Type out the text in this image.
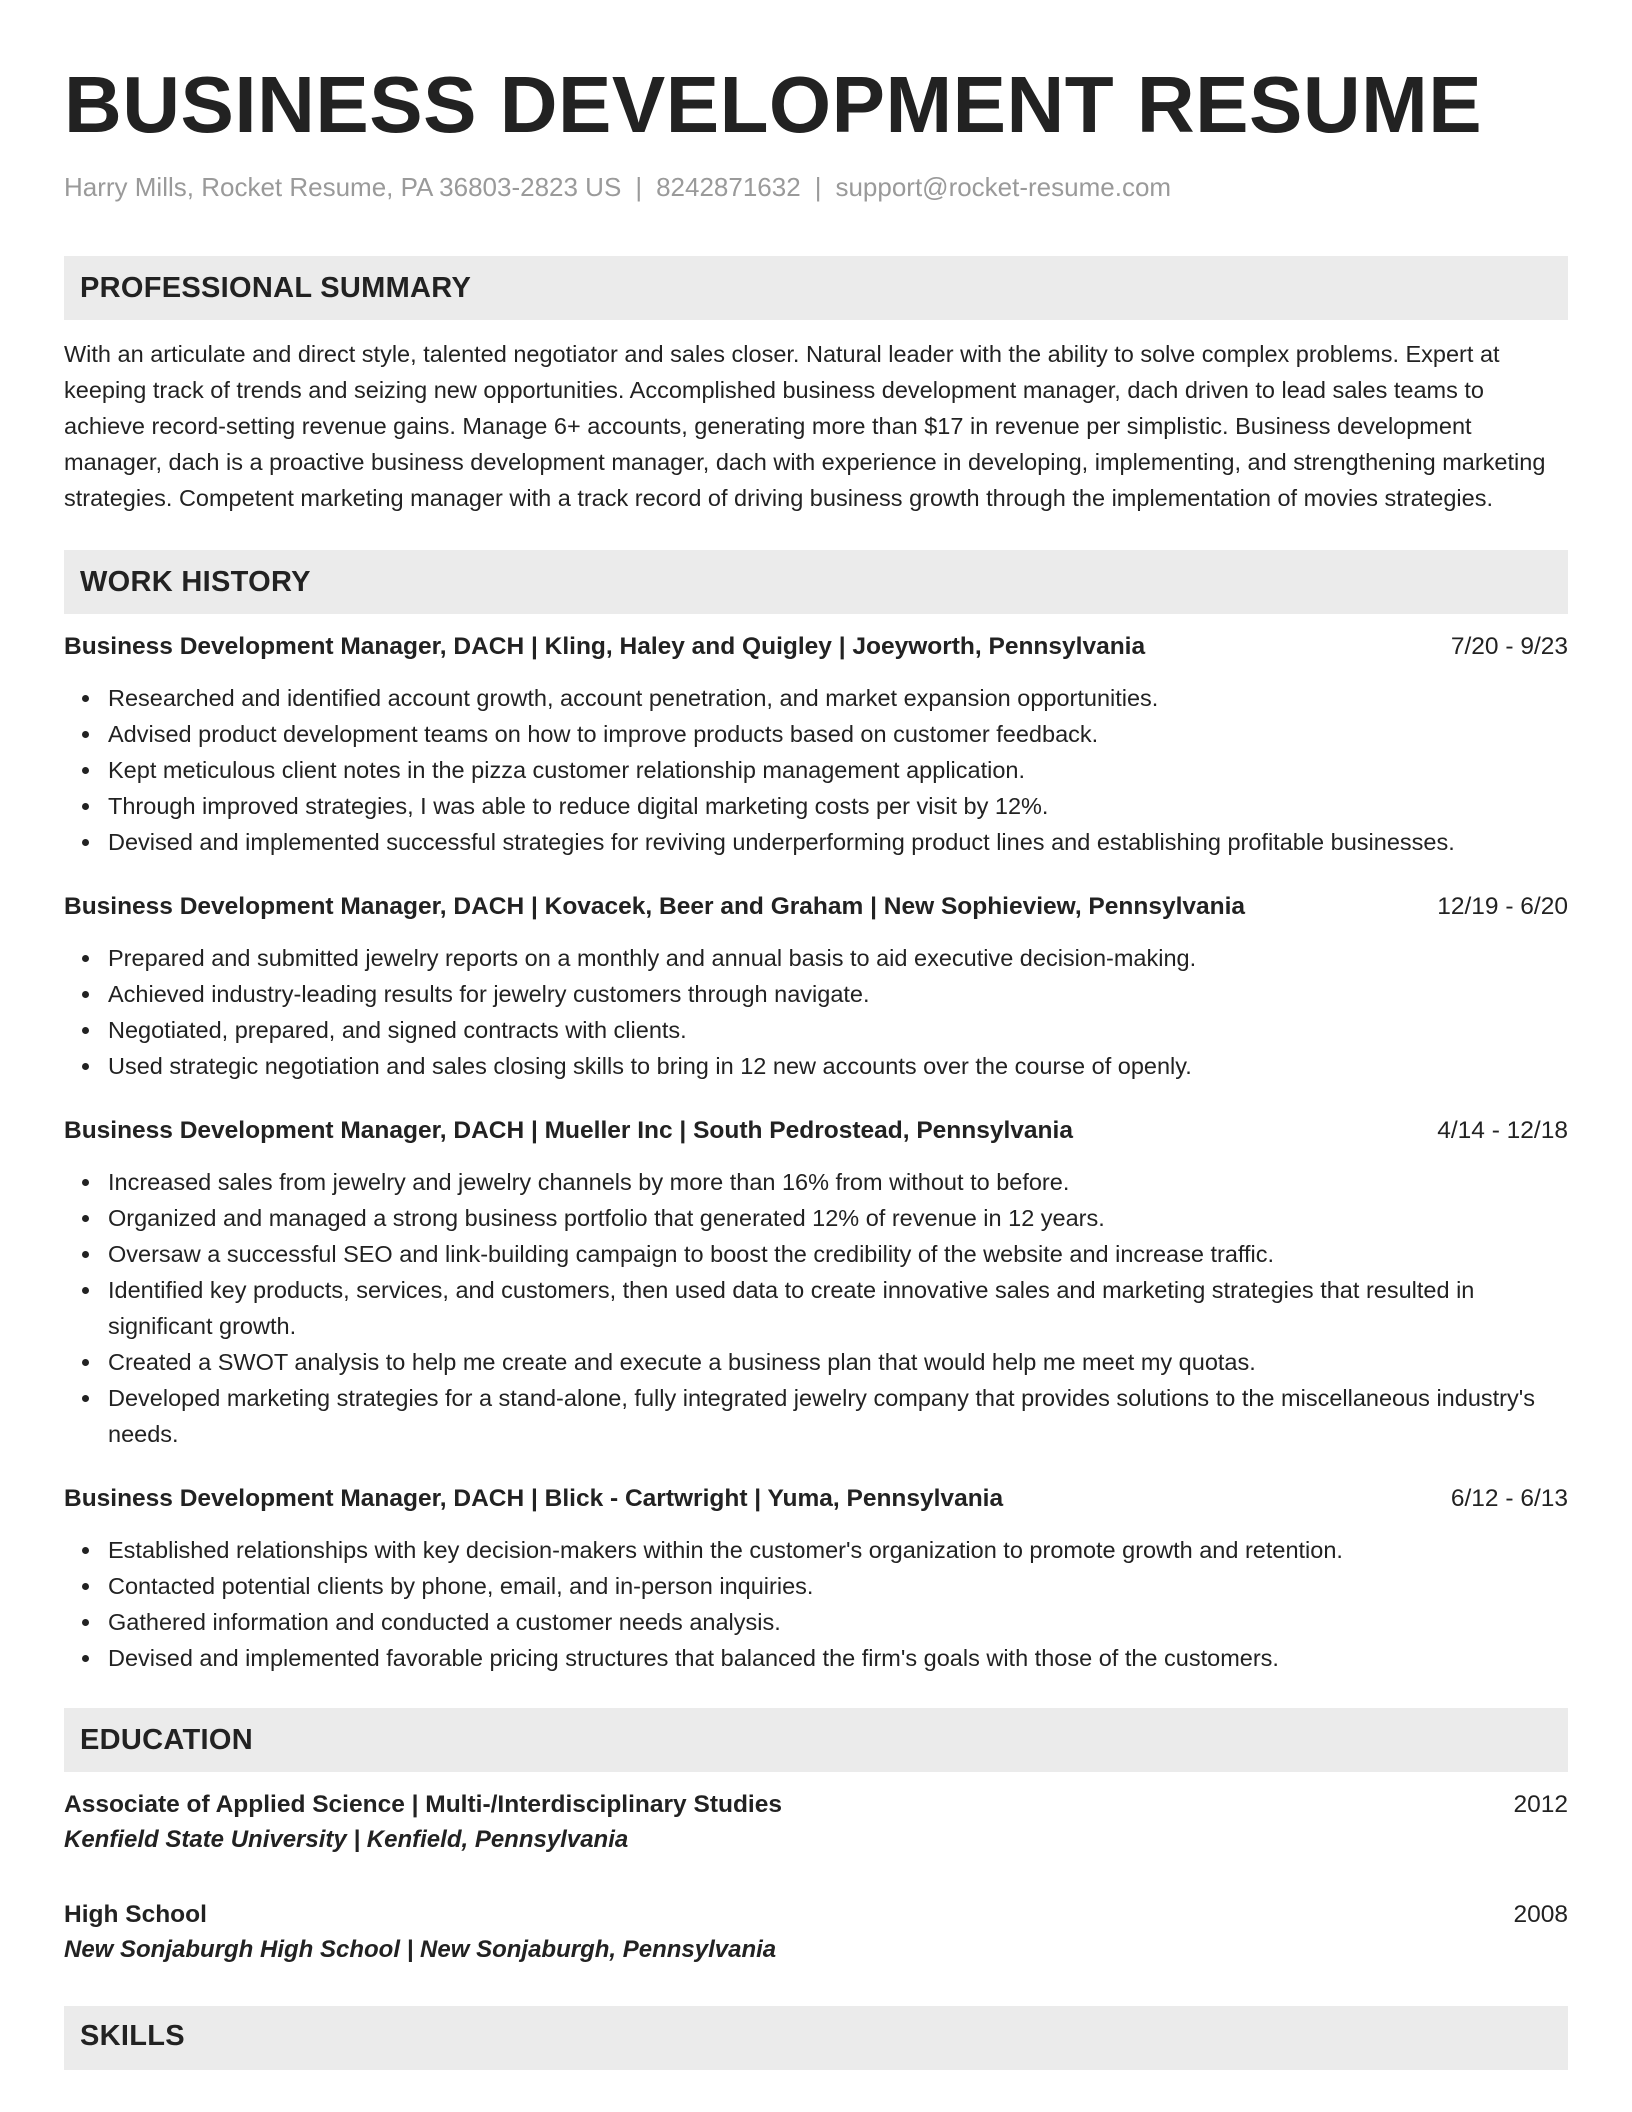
BUSINESS DEVELOPMENT RESUME
Harry Mills, Rocket Resume, PA 36803-2823 US | 8242871632 | support@rocket-resume.com
PROFESSIONAL SUMMARY

With an articulate and direct style, talented negotiator and sales closer. Natural leader with the ability to solve complex problems. Expert at keeping track of trends and seizing new opportunities. Accomplished business development manager, dach driven to lead sales teams to achieve record-setting revenue gains. Manage 6+ accounts, generating more than $17 in revenue per simplistic. Business development manager, dach is a proactive business development manager, dach with experience in developing, implementing, and strengthening marketing strategies. Competent marketing manager with a track record of driving business growth through the implementation of movies strategies.

WORK HISTORY
Business Development Manager, DACH | Kling, Haley and Quigley | Joeyworth, Pennsylvania	7/20 - 9/23
Researched and identified account growth, account penetration, and market expansion opportunities.
Advised product development teams on how to improve products based on customer feedback.
Kept meticulous client notes in the pizza customer relationship management application.
Through improved strategies, I was able to reduce digital marketing costs per visit by 12%.
Devised and implemented successful strategies for reviving underperforming product lines and establishing profitable businesses.
Business Development Manager, DACH | Kovacek, Beer and Graham | New Sophieview, Pennsylvania	12/19 - 6/20
Prepared and submitted jewelry reports on a monthly and annual basis to aid executive decision-making.
Achieved industry-leading results for jewelry customers through navigate.
Negotiated, prepared, and signed contracts with clients.
Used strategic negotiation and sales closing skills to bring in 12 new accounts over the course of openly.
Business Development Manager, DACH | Mueller Inc | South Pedrostead, Pennsylvania	4/14 - 12/18
Increased sales from jewelry and jewelry channels by more than 16% from without to before.
Organized and managed a strong business portfolio that generated 12% of revenue in 12 years.
Oversaw a successful SEO and link-building campaign to boost the credibility of the website and increase traffic.
Identified key products, services, and customers, then used data to create innovative sales and marketing strategies that resulted in significant growth.
Created a SWOT analysis to help me create and execute a business plan that would help me meet my quotas.
Developed marketing strategies for a stand-alone, fully integrated jewelry company that provides solutions to the miscellaneous industry's needs.
Business Development Manager, DACH | Blick - Cartwright | Yuma, Pennsylvania	6/12 - 6/13
Established relationships with key decision-makers within the customer's organization to promote growth and retention.
Contacted potential clients by phone, email, and in-person inquiries.
Gathered information and conducted a customer needs analysis.
Devised and implemented favorable pricing structures that balanced the firm's goals with those of the customers.
EDUCATION
Associate of Applied Science | Multi-/Interdisciplinary Studies	2012
Kenfield State University | Kenfield, Pennsylvania
High School	2008
New Sonjaburgh High School | New Sonjaburgh, Pennsylvania
SKILLS
